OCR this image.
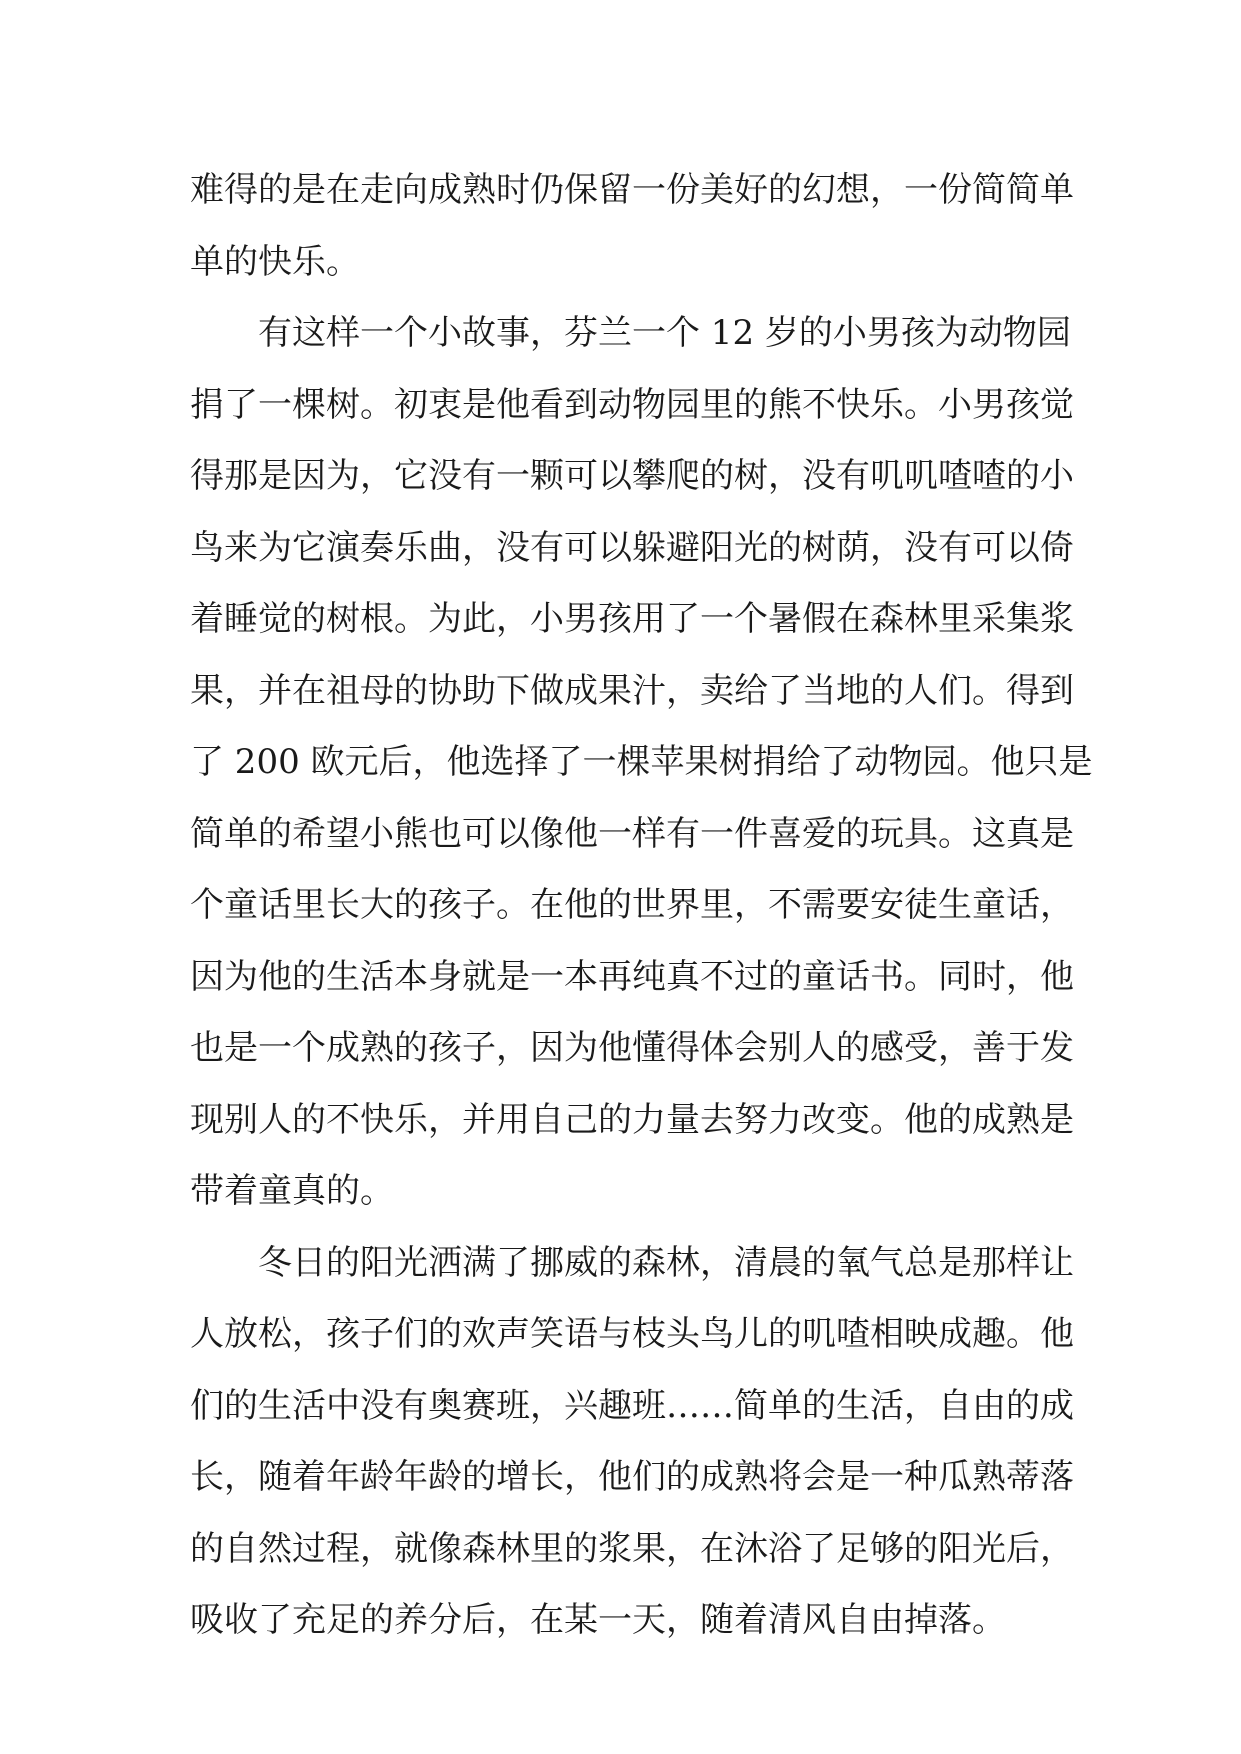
难得的是在走向成熟时仍保留一份美好的幻想，一份简简单
单的快乐。
有这样一个小故事，芬兰一个 12 岁的小男孩为动物园
捐了一棵树。初衷是他看到动物园里的熊不快乐。小男孩觉
得那是因为，它没有一颗可以攀爬的树，没有叽叽喳喳的小
鸟来为它演奏乐曲，没有可以躲避阳光的树荫，没有可以倚
着睡觉的树根。为此，小男孩用了一个暑假在森林里采集浆
果，并在祖母的协助下做成果汁，卖给了当地的人们。得到
了 200 欧元后，他选择了一棵苹果树捐给了动物园。他只是
简单的希望小熊也可以像他一样有一件喜爱的玩具。这真是
个童话里长大的孩子。在他的世界里，不需要安徒生童话，
因为他的生活本身就是一本再纯真不过的童话书。同时，他
也是一个成熟的孩子，因为他懂得体会别人的感受，善于发
现别人的不快乐，并用自己的力量去努力改变。他的成熟是
带着童真的。
冬日的阳光洒满了挪威的森林，清晨的氧气总是那样让
人放松，孩子们的欢声笑语与枝头鸟儿的叽喳相映成趣。他
们的生活中没有奥赛班，兴趣班……简单的生活，自由的成
长，随着年龄年龄的增长，他们的成熟将会是一种瓜熟蒂落
的自然过程，就像森林里的浆果，在沐浴了足够的阳光后，
吸收了充足的养分后，在某一天，随着清风自由掉落。
